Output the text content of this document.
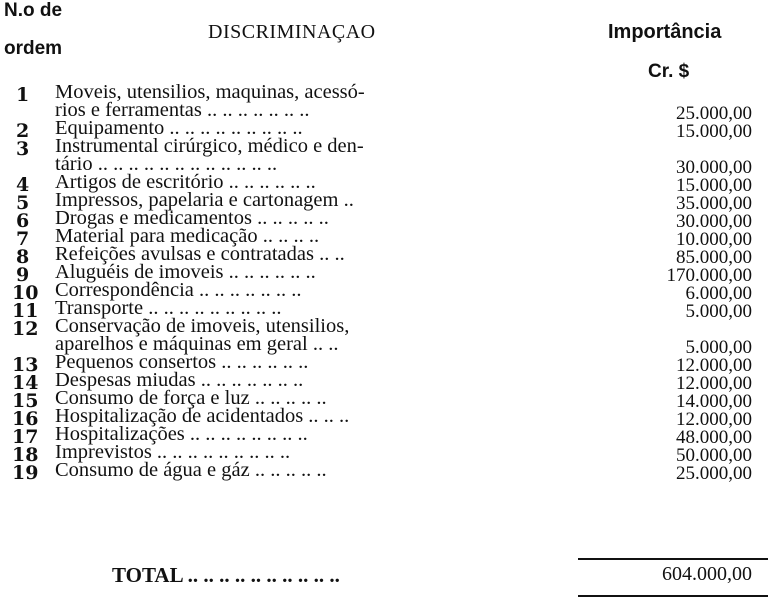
N.o de
ordem
DISCRIMINAÇAO	Importância
Cr. $
1	Moveis, utensilios, maquinas, acessó-
rios e ferramentas .. .. .. .. .. .. ..	25.000,00
2	Equipamento .. .. .. .. .. .. .. .. ..	15.000,00
3	Instrumental cirúrgico, médico e den-
tário .. .. .. .. .. .. .. .. .. .. .. ..	30.000,00
4	Artigos de escritório .. .. .. .. .. ..	15.000,00
5	Impressos, papelaria e cartonagem ..	35.000,00
6	Drogas e medicamentos .. .. .. .. ..	30.000,00
7	Material para medicação .. .. .. ..	10.000,00
8	Refeições avulsas e contratadas .. ..	85.000,00
9	Aluguéis de imoveis .. .. .. .. .. ..	170.000,00
10 Correspondência .. .. .. .. .. .. ..	6.000,00
11 Transporte .. .. .. .. .. .. .. .. ..	5.000,00
12 Conservação de imoveis, utensilios,
aparelhos e máquinas em geral .. ..	5.000,00
13 Pequenos consertos .. .. .. .. .. ..	12.000,00
14 Despesas miudas .. .. .. .. .. .. ..	12.000,00
15 Consumo de força e luz .. .. .. .. ..	14.000,00
16 Hospitalização de acidentados .. .. ..	12.000,00
17 Hospitalizações .. .. .. .. .. .. .. ..	48.000,00
18 Imprevistos .. .. .. .. .. .. .. .. ..	50.000,00
19 Consumo de água e gáz .. .. .. .. ..	25.000,00
TOTAL .. .. .. .. .. .. .. .. .. ..	604.000,00
